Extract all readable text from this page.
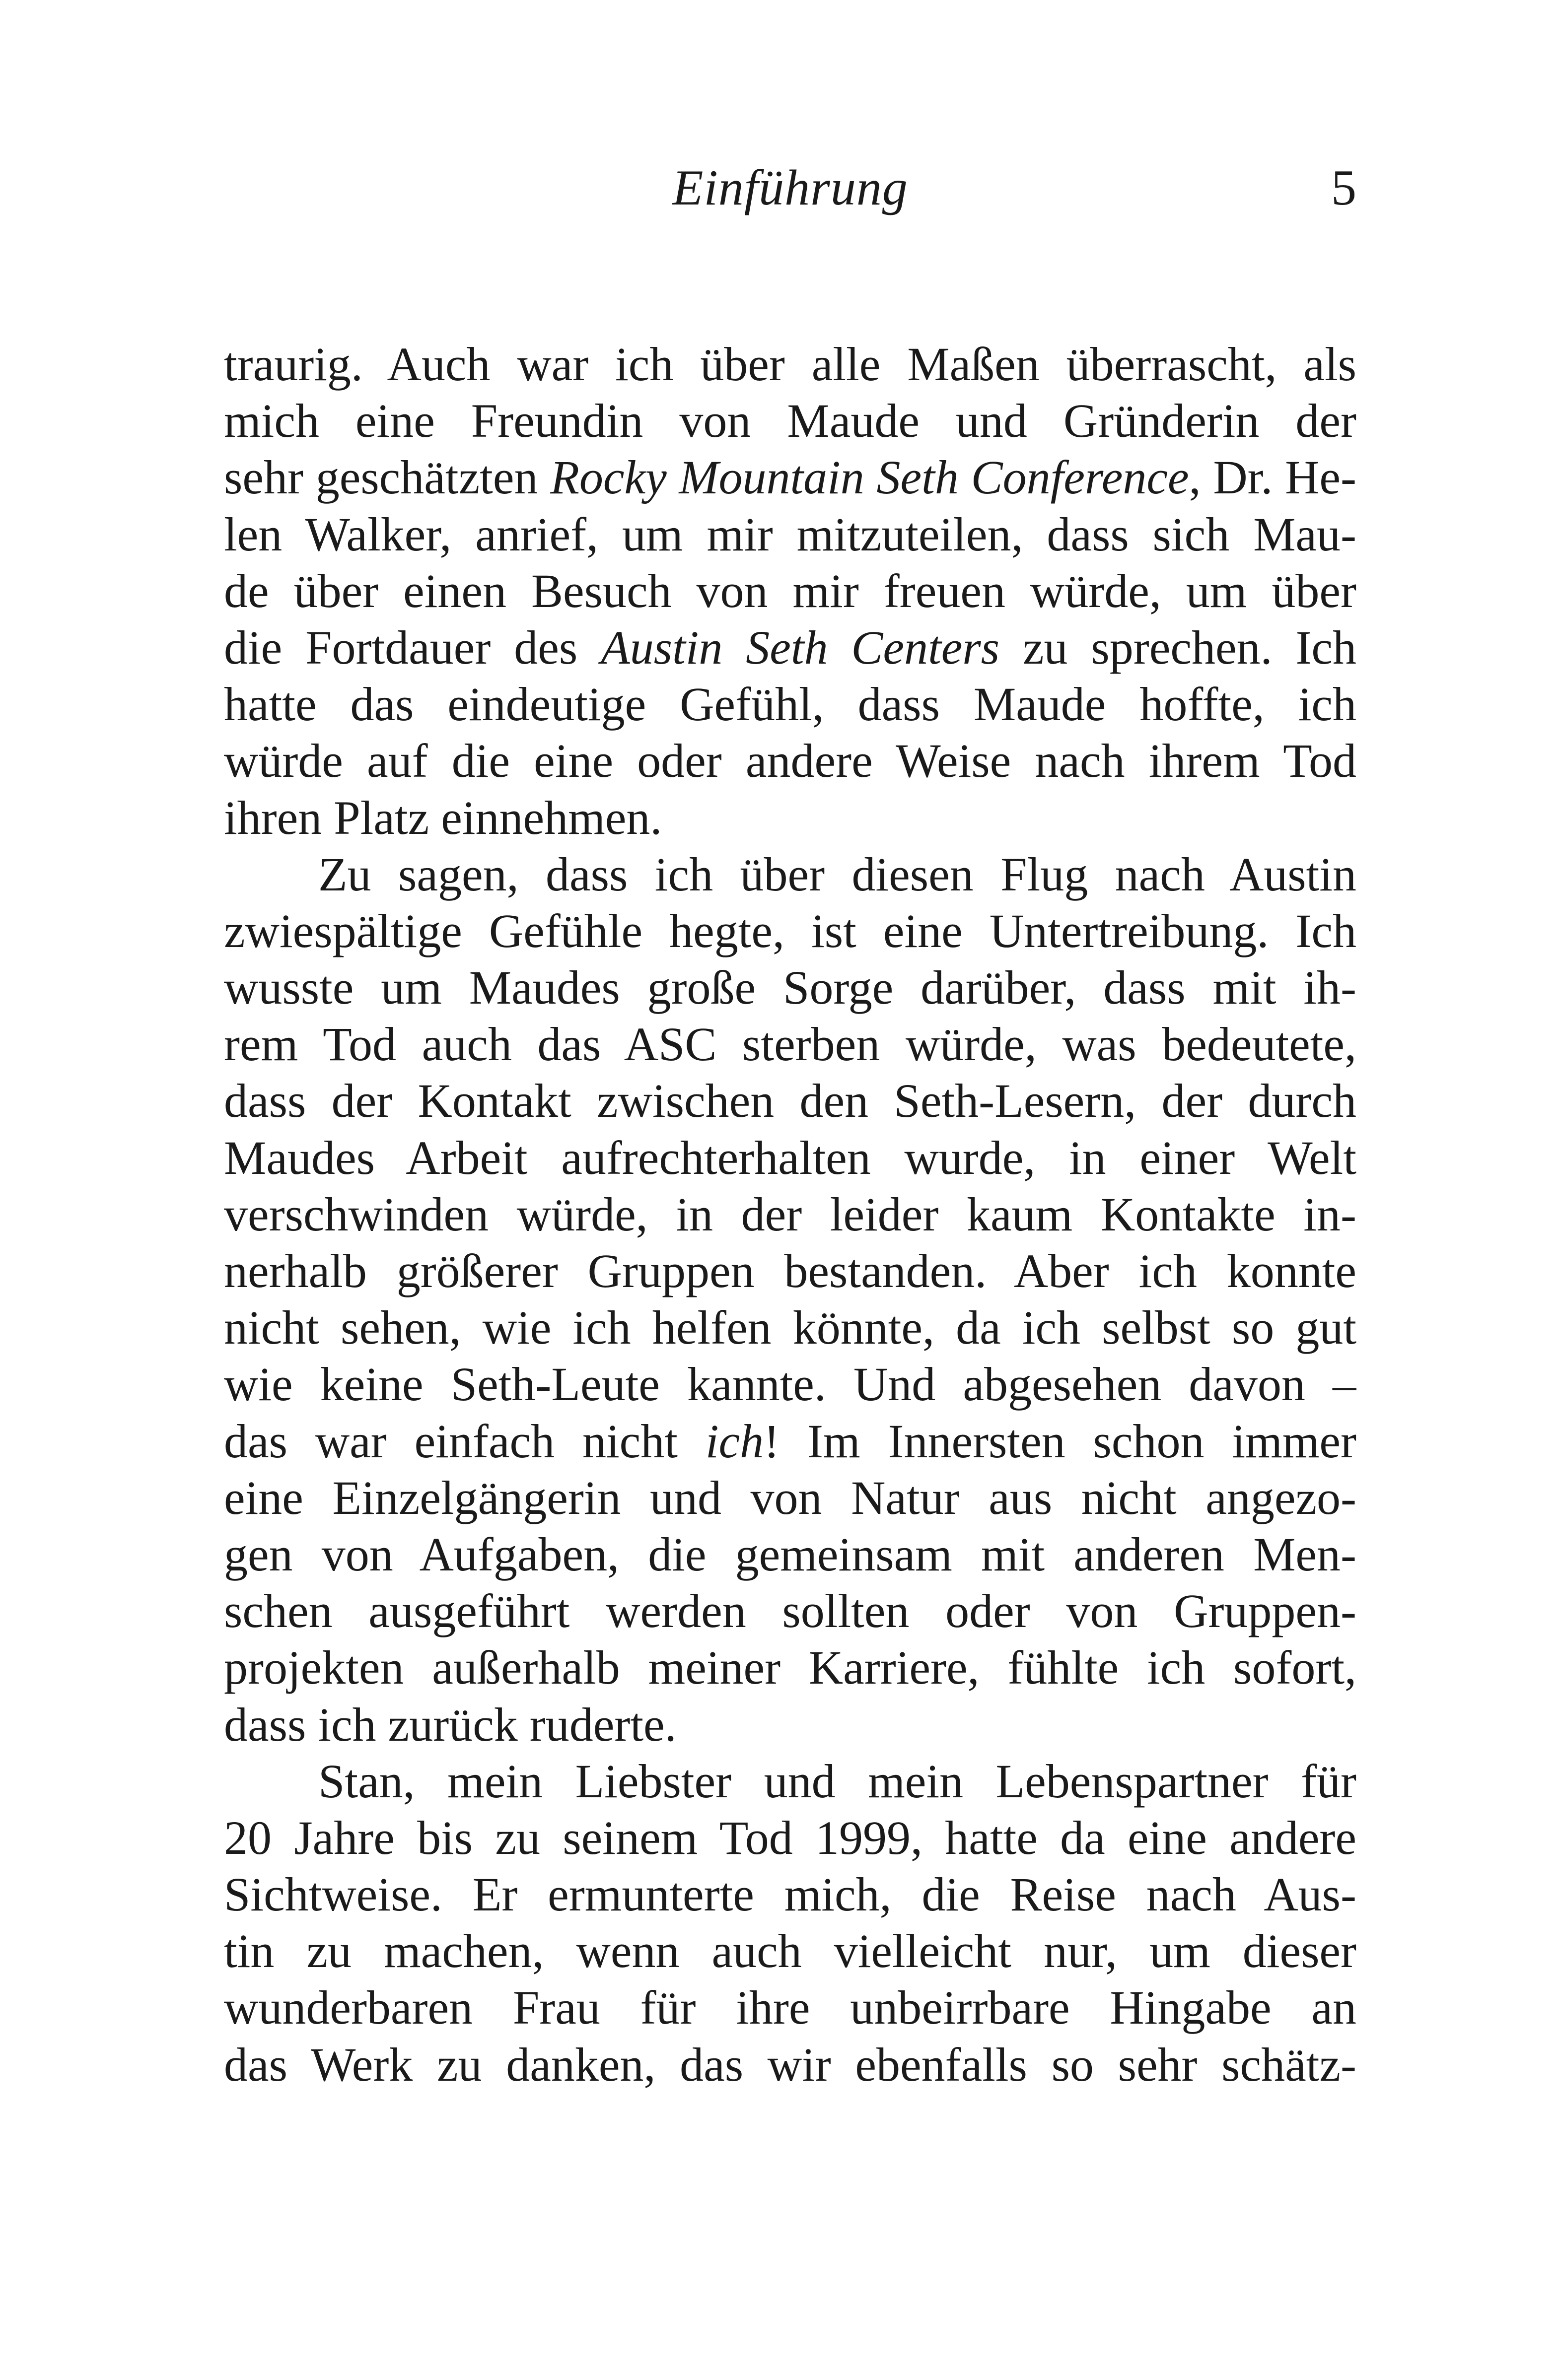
Einführung	5
traurig. Auch war ich über alle Maßen überrascht, als
mich eine Freundin von Maude und Gründerin der
sehr geschätzten Rocky Mountain Seth Conference, Dr. He-
len Walker, anrief, um mir mitzuteilen, dass sich Mau-
de über einen Besuch von mir freuen würde, um über
die Fortdauer des Austin Seth Centers zu sprechen. Ich
hatte das eindeutige Gefühl, dass Maude hoffte, ich
würde auf die eine oder andere Weise nach ihrem Tod
ihren Platz einnehmen.
Zu sagen, dass ich über diesen Flug nach Austin
zwiespältige Gefühle hegte, ist eine Untertreibung. Ich
wusste um Maudes große Sorge darüber, dass mit ih-
rem Tod auch das ASC sterben würde, was bedeutete,
dass der Kontakt zwischen den Seth-Lesern, der durch
Maudes Arbeit aufrechterhalten wurde, in einer Welt
verschwinden würde, in der leider kaum Kontakte in-
nerhalb größerer Gruppen bestanden. Aber ich konnte
nicht sehen, wie ich helfen könnte, da ich selbst so gut
wie keine Seth-Leute kannte. Und abgesehen davon –
das war einfach nicht ich! Im Innersten schon immer
eine Einzelgängerin und von Natur aus nicht angezo-
gen von Aufgaben, die gemeinsam mit anderen Men-
schen ausgeführt werden sollten oder von Gruppen-
projekten außerhalb meiner Karriere, fühlte ich sofort,
dass ich zurück ruderte.
Stan, mein Liebster und mein Lebenspartner für
20 Jahre bis zu seinem Tod 1999, hatte da eine andere
Sichtweise. Er ermunterte mich, die Reise nach Aus-
tin zu machen, wenn auch vielleicht nur, um dieser
wunderbaren Frau für ihre unbeirrbare Hingabe an
das Werk zu danken, das wir ebenfalls so sehr schätz-
